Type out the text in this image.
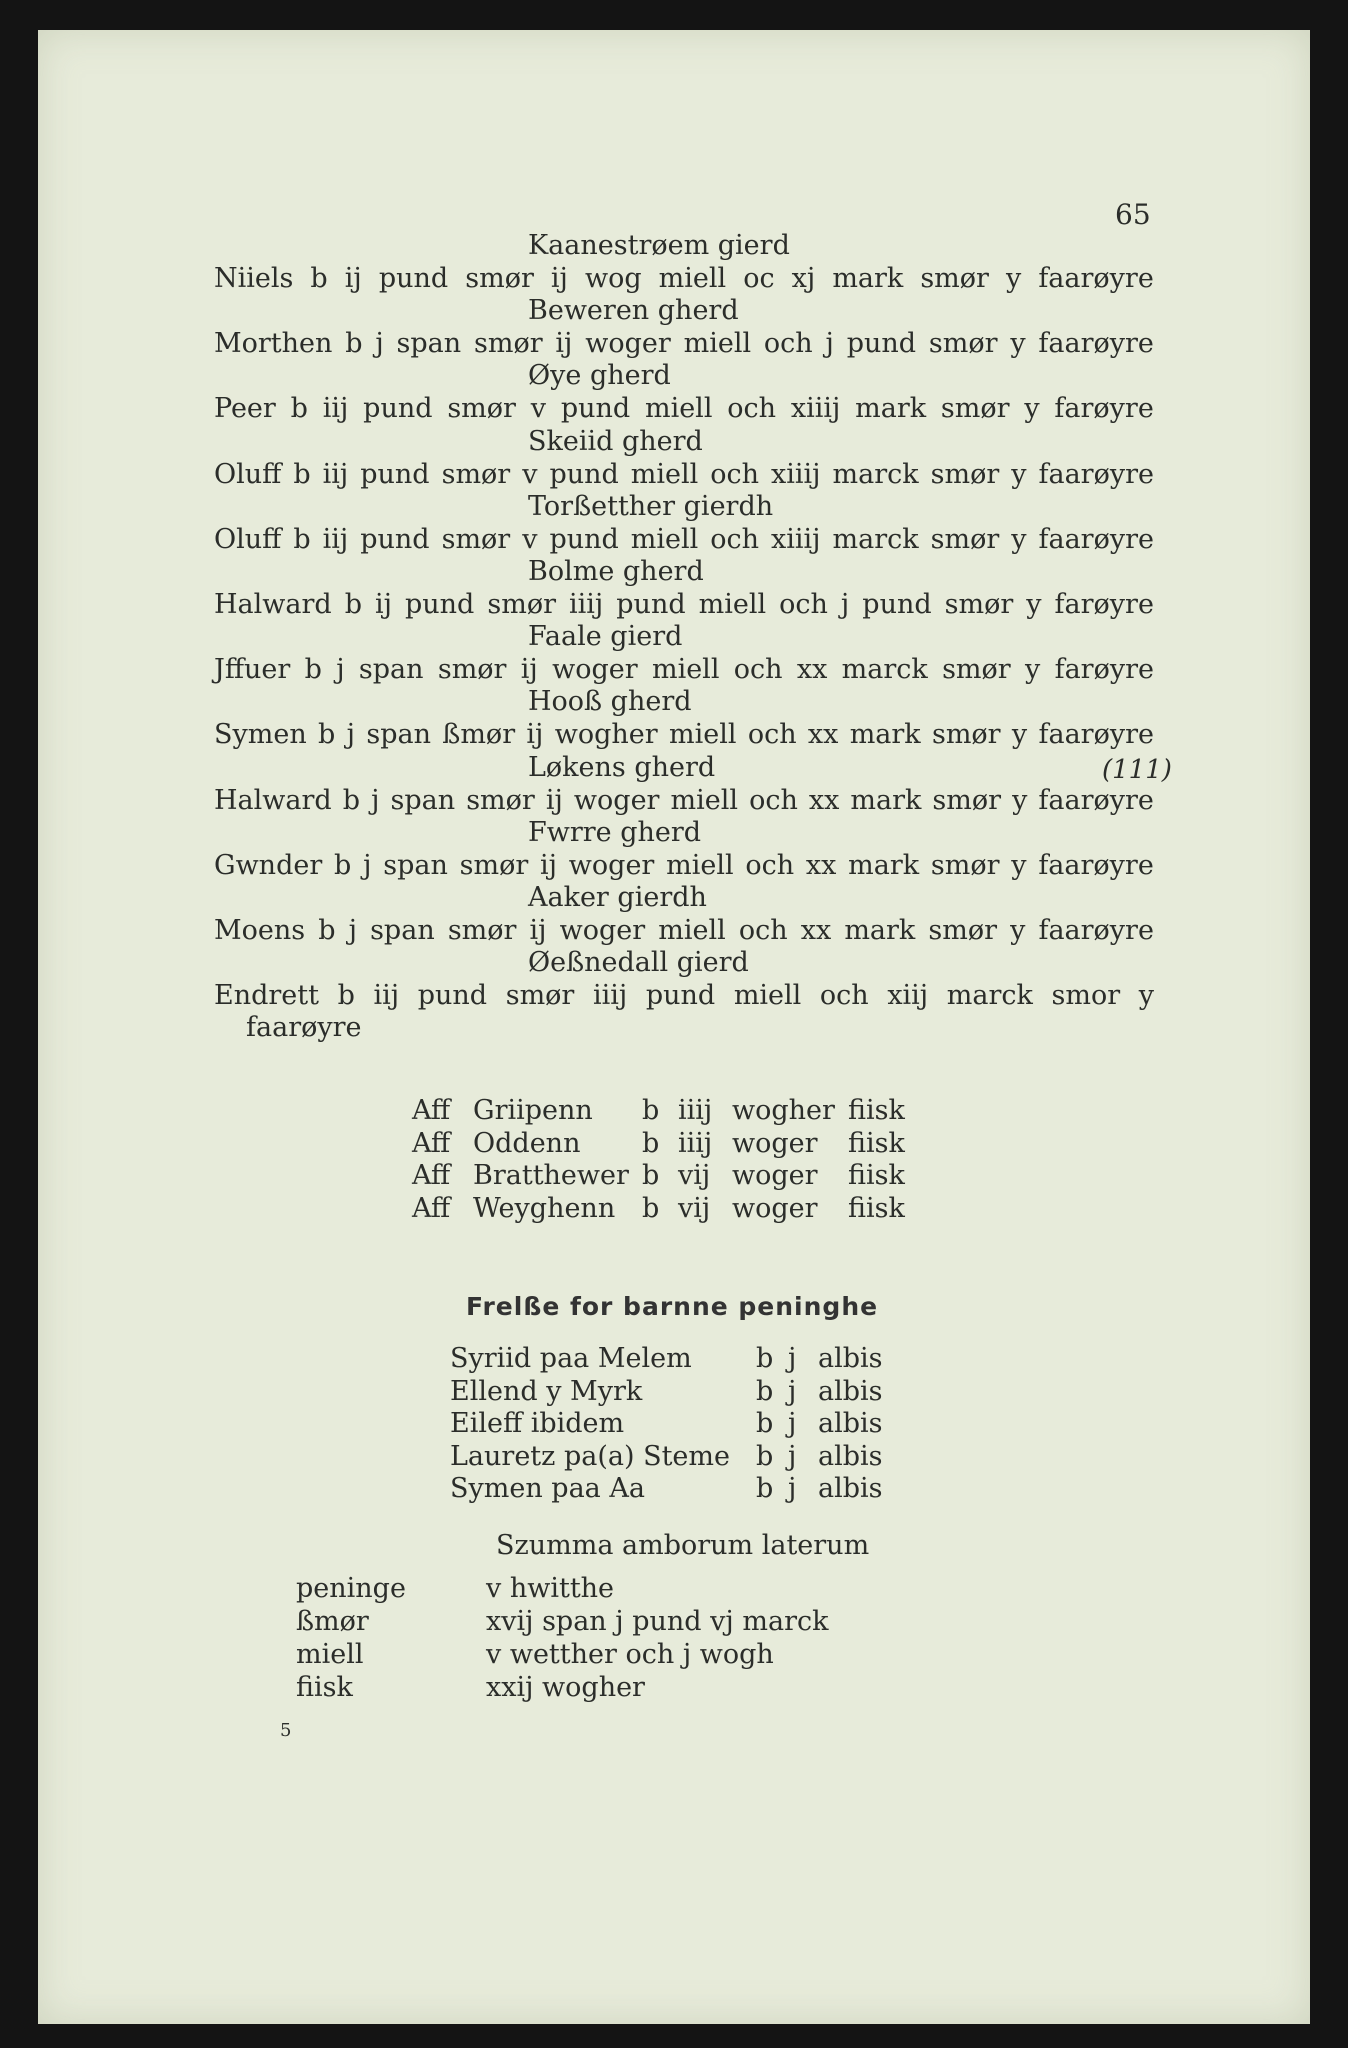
65
Kaanestrøem gierd
Niiels b ij pund smør ij wog miell oc xj mark smør y faarøyre
Beweren gherd
Morthen b j span smør ij woger miell och j pund smør y faarøyre
Øye gherd
Peer b iij pund smør v pund miell och xiiij mark smør y farøyre
Skeiid gherd
Oluff b iij pund smør v pund miell och xiiij marck smør y faarøyre
Torßetther gierdh
Oluff b iij pund smør v pund miell och xiiij marck smør y faarøyre
Bolme gherd
Halward b ij pund smør iiij pund miell och j pund smør y farøyre
Faale gierd
Jffuer b j span smør ij woger miell och xx marck smør y farøyre
Hooß gherd
Symen b j span ßmør ij wogher miell och xx mark smør y faarøyre
Løkens gherd	(111)
Halward b j span smør ij woger miell och xx mark smør y faarøyre
Fwrre gherd
Gwnder b j span smør ij woger miell och xx mark smør y faarøyre
Aaker gierdh
Moens b j span smør ij woger miell och xx mark smør y faarøyre
Øeßnedall gierd
Endrett b iij pund smør iiij pund miell och xiij marck smor y
faarøyre
Aff Griipenn b iiij wogher fiisk
Aff Oddenn b iiij woger fiisk
Aff Bratthewer b vij woger fiisk
Aff Weyghenn b vij woger fiisk
Frelße for barnne peninghe
Syriid paa Melem b j albis
Ellend y Myrk	b j albis
Eileff ibidem	b j albis
Lauretz pa(a) Steme b j albis
Symen paa Aa	b j albis
Szumma amborum laterum
peninge	v hwitthe
ßmør	xvij span j pund vj marck
miell	v wetther och j wogh
fiisk	xxij wogher
5
